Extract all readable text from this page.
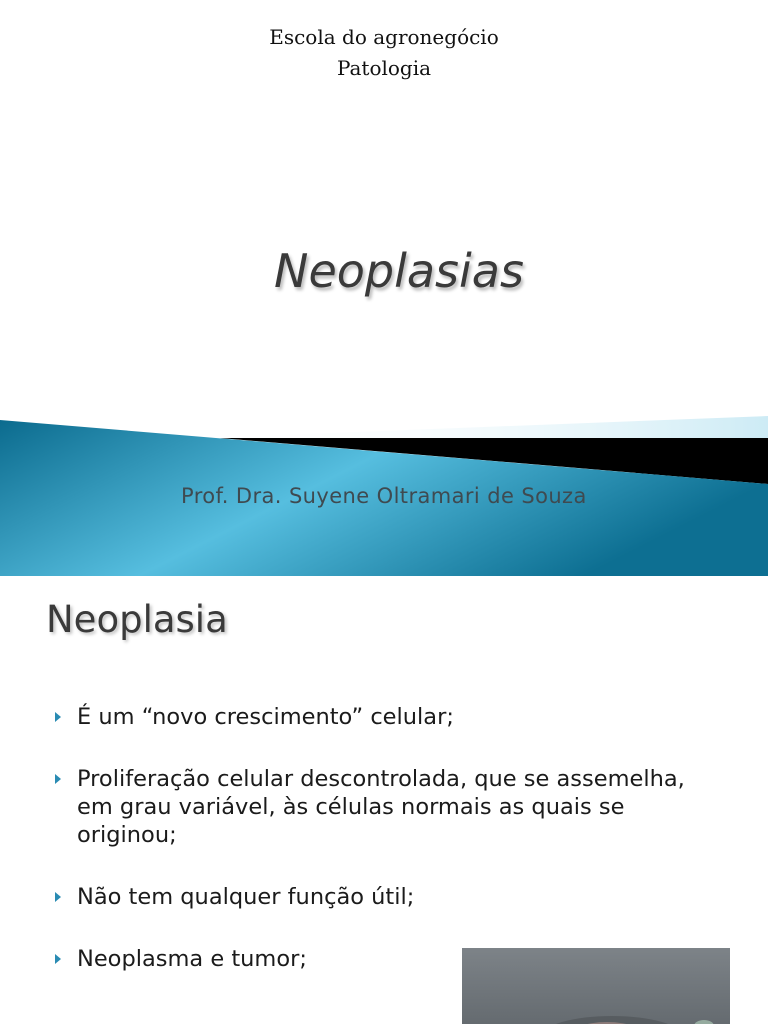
Escola do agronegócio
Patologia
Neoplasias
Prof. Dra. Suyene Oltramari de Souza
Neoplasia
É um “novo crescimento” celular;
Proliferação celular descontrolada, que se assemelha, em grau variável, às células normais as quais se originou;
Não tem qualquer função útil;
Neoplasma e tumor;
